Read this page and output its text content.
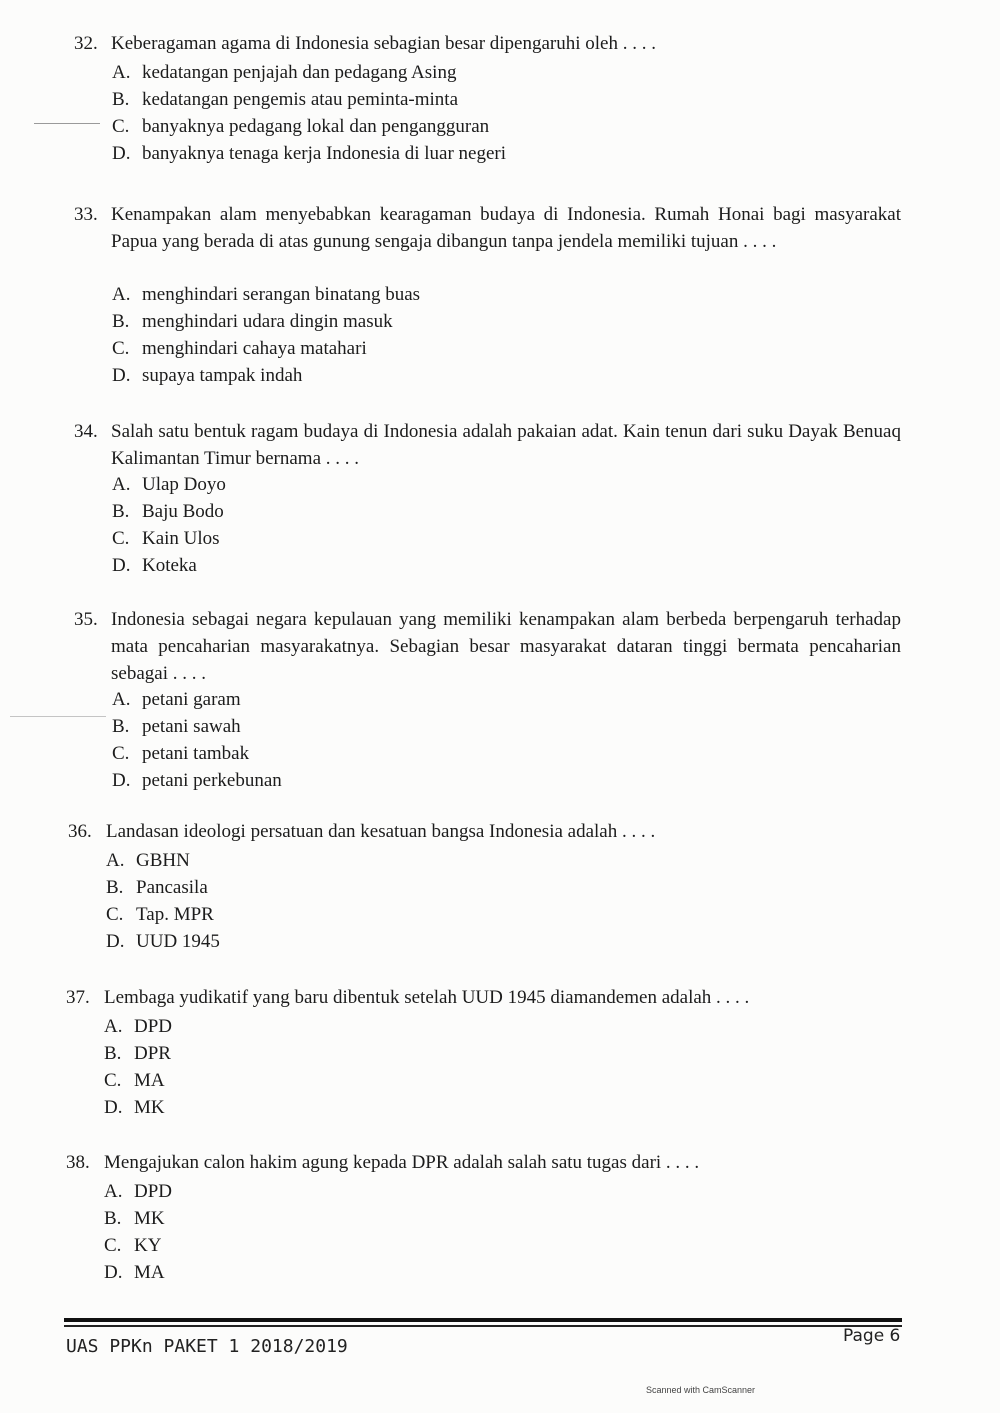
32. Keberagaman agama di Indonesia sebagian besar dipengaruhi oleh . . . .
A. kedatangan penjajah dan pedagang Asing
B. kedatangan pengemis atau peminta-minta
C. banyaknya pedagang lokal dan pengangguran
D. banyaknya tenaga kerja Indonesia di luar negeri
33. Kenampakan alam menyebabkan kearagaman budaya di Indonesia. Rumah Honai bagi masyarakat Papua yang berada di atas gunung sengaja dibangun tanpa jendela memiliki tujuan . . . .
A. menghindari serangan binatang buas
B. menghindari udara dingin masuk
C. menghindari cahaya matahari
D. supaya tampak indah
34. Salah satu bentuk ragam budaya di Indonesia adalah pakaian adat. Kain tenun dari suku Dayak Benuaq Kalimantan Timur bernama . . . .
A. Ulap Doyo
B. Baju Bodo
C. Kain Ulos
D. Koteka
35. Indonesia sebagai negara kepulauan yang memiliki kenampakan alam berbeda berpengaruh terhadap mata pencaharian masyarakatnya. Sebagian besar masyarakat dataran tinggi bermata pencaharian sebagai . . . .
A. petani garam
B. petani sawah
C. petani tambak
D. petani perkebunan
36. Landasan ideologi persatuan dan kesatuan bangsa Indonesia adalah . . . .
A. GBHN
B. Pancasila
C. Tap. MPR
D. UUD 1945
37. Lembaga yudikatif yang baru dibentuk setelah UUD 1945 diamandemen adalah . . . .
A. DPD
B. DPR
C. MA
D. MK
38. Mengajukan calon hakim agung kepada DPR adalah salah satu tugas dari . . . .
A. DPD
B. MK
C. KY
D. MA
UAS PPKn PAKET 1 2018/2019	Page 6
Scanned with CamScanner
